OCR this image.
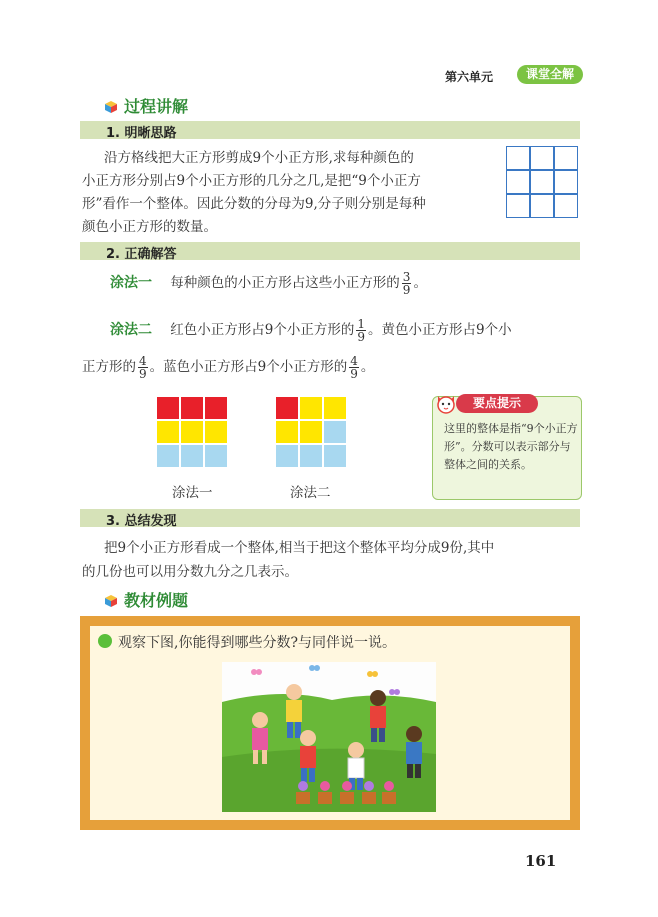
第六单元	课堂全解
过程讲解
1. 明晰思路
沿方格线把大正方形剪成9个小正方形,求每种颜色的
小正方形分别占9个小正方形的几分之几,是把“9个小正方
形”看作一个整体。因此分数的分母为9,分子则分别是每种
颜色小正方形的数量。
2. 正确解答
涂法一 每种颜色的小正方形占这些小正方形的 $\frac{3}{9}$ 。
涂法二 红色小正方形占9个小正方形的 $\frac{1}{9}$ 。黄色小正方形占9个小
正方形的 $\frac{4}{9}$ 。蓝色小正方形占9个小正方形的 $\frac{4}{9}$ 。
涂法一	涂法二
要点提示
这里的整体是指“9个小正方形”。分数可以表示部分与整体之间的关系。
3. 总结发现
把9个小正方形看成一个整体,相当于把这个整体平均分成9份,其中
的几份也可以用分数九分之几表示。
教材例题
观察下图,你能得到哪些分数?与同伴说一说。
161
